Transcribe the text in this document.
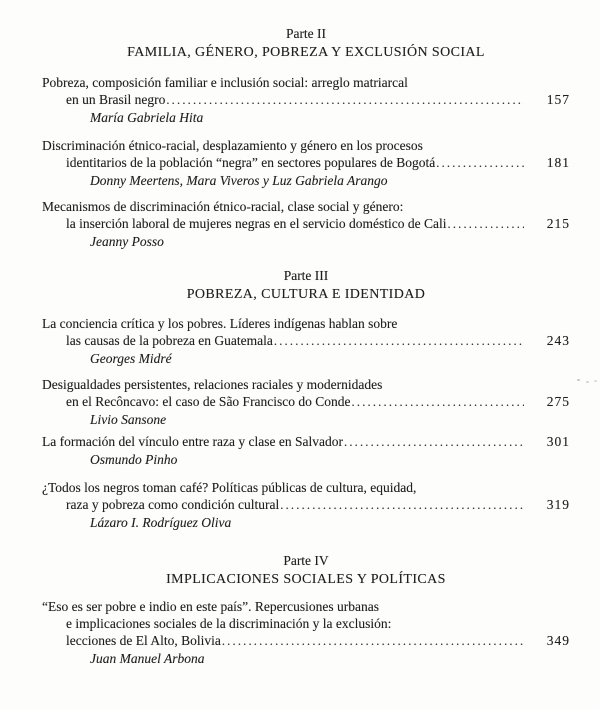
Parte II
FAMILIA, GÉNERO, POBREZA Y EXCLUSIÓN SOCIAL
Pobreza, composición familiar e inclusión social: arreglo matriarcal
en un Brasil negro .....	157
María Gabriela Hita
Discriminación étnico-racial, desplazamiento y género en los procesos
identitarios de la población “negra” en sectores populares de Bogotá .....	181
Donny Meertens, Mara Viveros y Luz Gabriela Arango
Mecanismos de discriminación étnico-racial, clase social y género:
la inserción laboral de mujeres negras en el servicio doméstico de Cali .....	215
Jeanny Posso
Parte III
POBREZA, CULTURA E IDENTIDAD
La conciencia crítica y los pobres. Líderes indígenas hablan sobre
las causas de la pobreza en Guatemala .....	243
Georges Midré
Desigualdades persistentes, relaciones raciales y modernidades
en el Recôncavo: el caso de São Francisco do Conde .....	275
Livio Sansone
La formación del vínculo entre raza y clase en Salvador .....	301
Osmundo Pinho
¿Todos los negros toman café? Políticas públicas de cultura, equidad,
raza y pobreza como condición cultural .....	319
Lázaro I. Rodríguez Oliva
Parte IV
IMPLICACIONES SOCIALES Y POLÍTICAS
“Eso es ser pobre e indio en este país”. Repercusiones urbanas
e implicaciones sociales de la discriminación y la exclusión:
lecciones de El Alto, Bolivia .....	349
Juan Manuel Arbona
